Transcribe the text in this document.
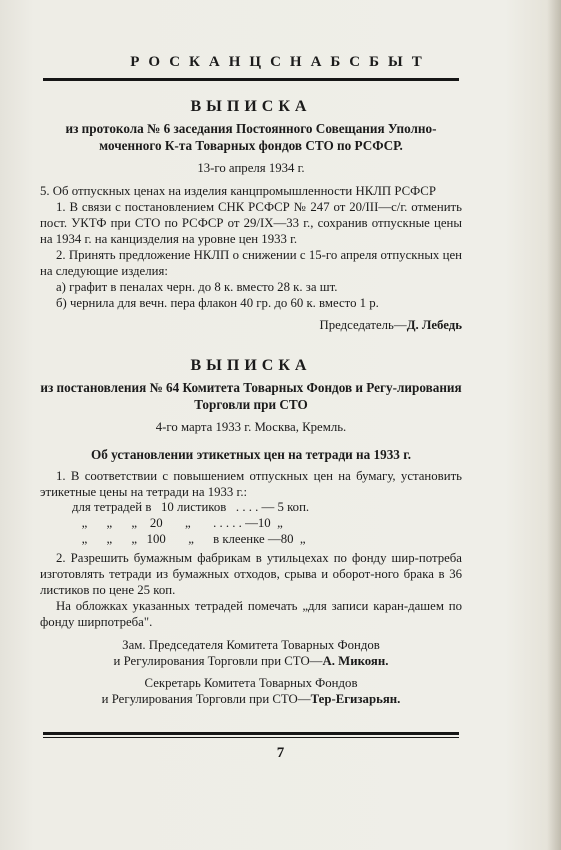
РОСКАНЦСНАБСБЫТ
ВЫПИСКА
из протокола № 6 заседания Постоянного Совещания Уполно-моченного К-та Товарных фондов СТО по РСФСР.
13-го апреля 1934 г.
5. Об отпускных ценах на изделия канцпромышленности НКЛП РСФСР
1. В связи с постановлением СНК РСФСР № 247 от 20/III—с/г. отменить пост. УКТФ при СТО по РСФСР от 29/IX—33 г., сохранив отпускные цены на 1934 г. на канцизделия на уровне цен 1933 г.
2. Принять предложение НКЛП о снижении с 15-го апреля отпускных цен на следующие изделия:
а) графит в пеналах черн. до 8 к. вместо 28 к. за шт.
б) чернила для вечн. пера флакон 40 гр. до 60 к. вместо 1 р.
Председатель—Д. Лебедь
ВЫПИСКА
из постановления № 64 Комитета Товарных Фондов и Регу-лирования Торговли при СТО
4-го марта 1933 г. Москва, Кремль.
Об установлении этикетных цен на тетради на 1933 г.
1. В соответствии с повышением отпускных цен на бумагу, установить этикетные цены на тетради на 1933 г.:
для тетрадей в   10 листиков   . . . . — 5 коп.
„      „      „    20       „       . . . . . —10  „
„      „      „   100       „      в клеенке —80  „
2. Разрешить бумажным фабрикам в утильцехах по фонду шир-потреба изготовлять тетради из бумажных отходов, срыва и оборот-ного брака в 36 листиков по цене 25 коп.
На обложках указанных тетрадей помечать „для записи каран-дашем по фонду ширпотреба".
Зам. Председателя Комитета Товарных Фондов
и Регулирования Торговли при СТО—А. Микоян.
Секретарь Комитета Товарных Фондов
и Регулирования Торговли при СТО—Тер-Егизарьян.
7
